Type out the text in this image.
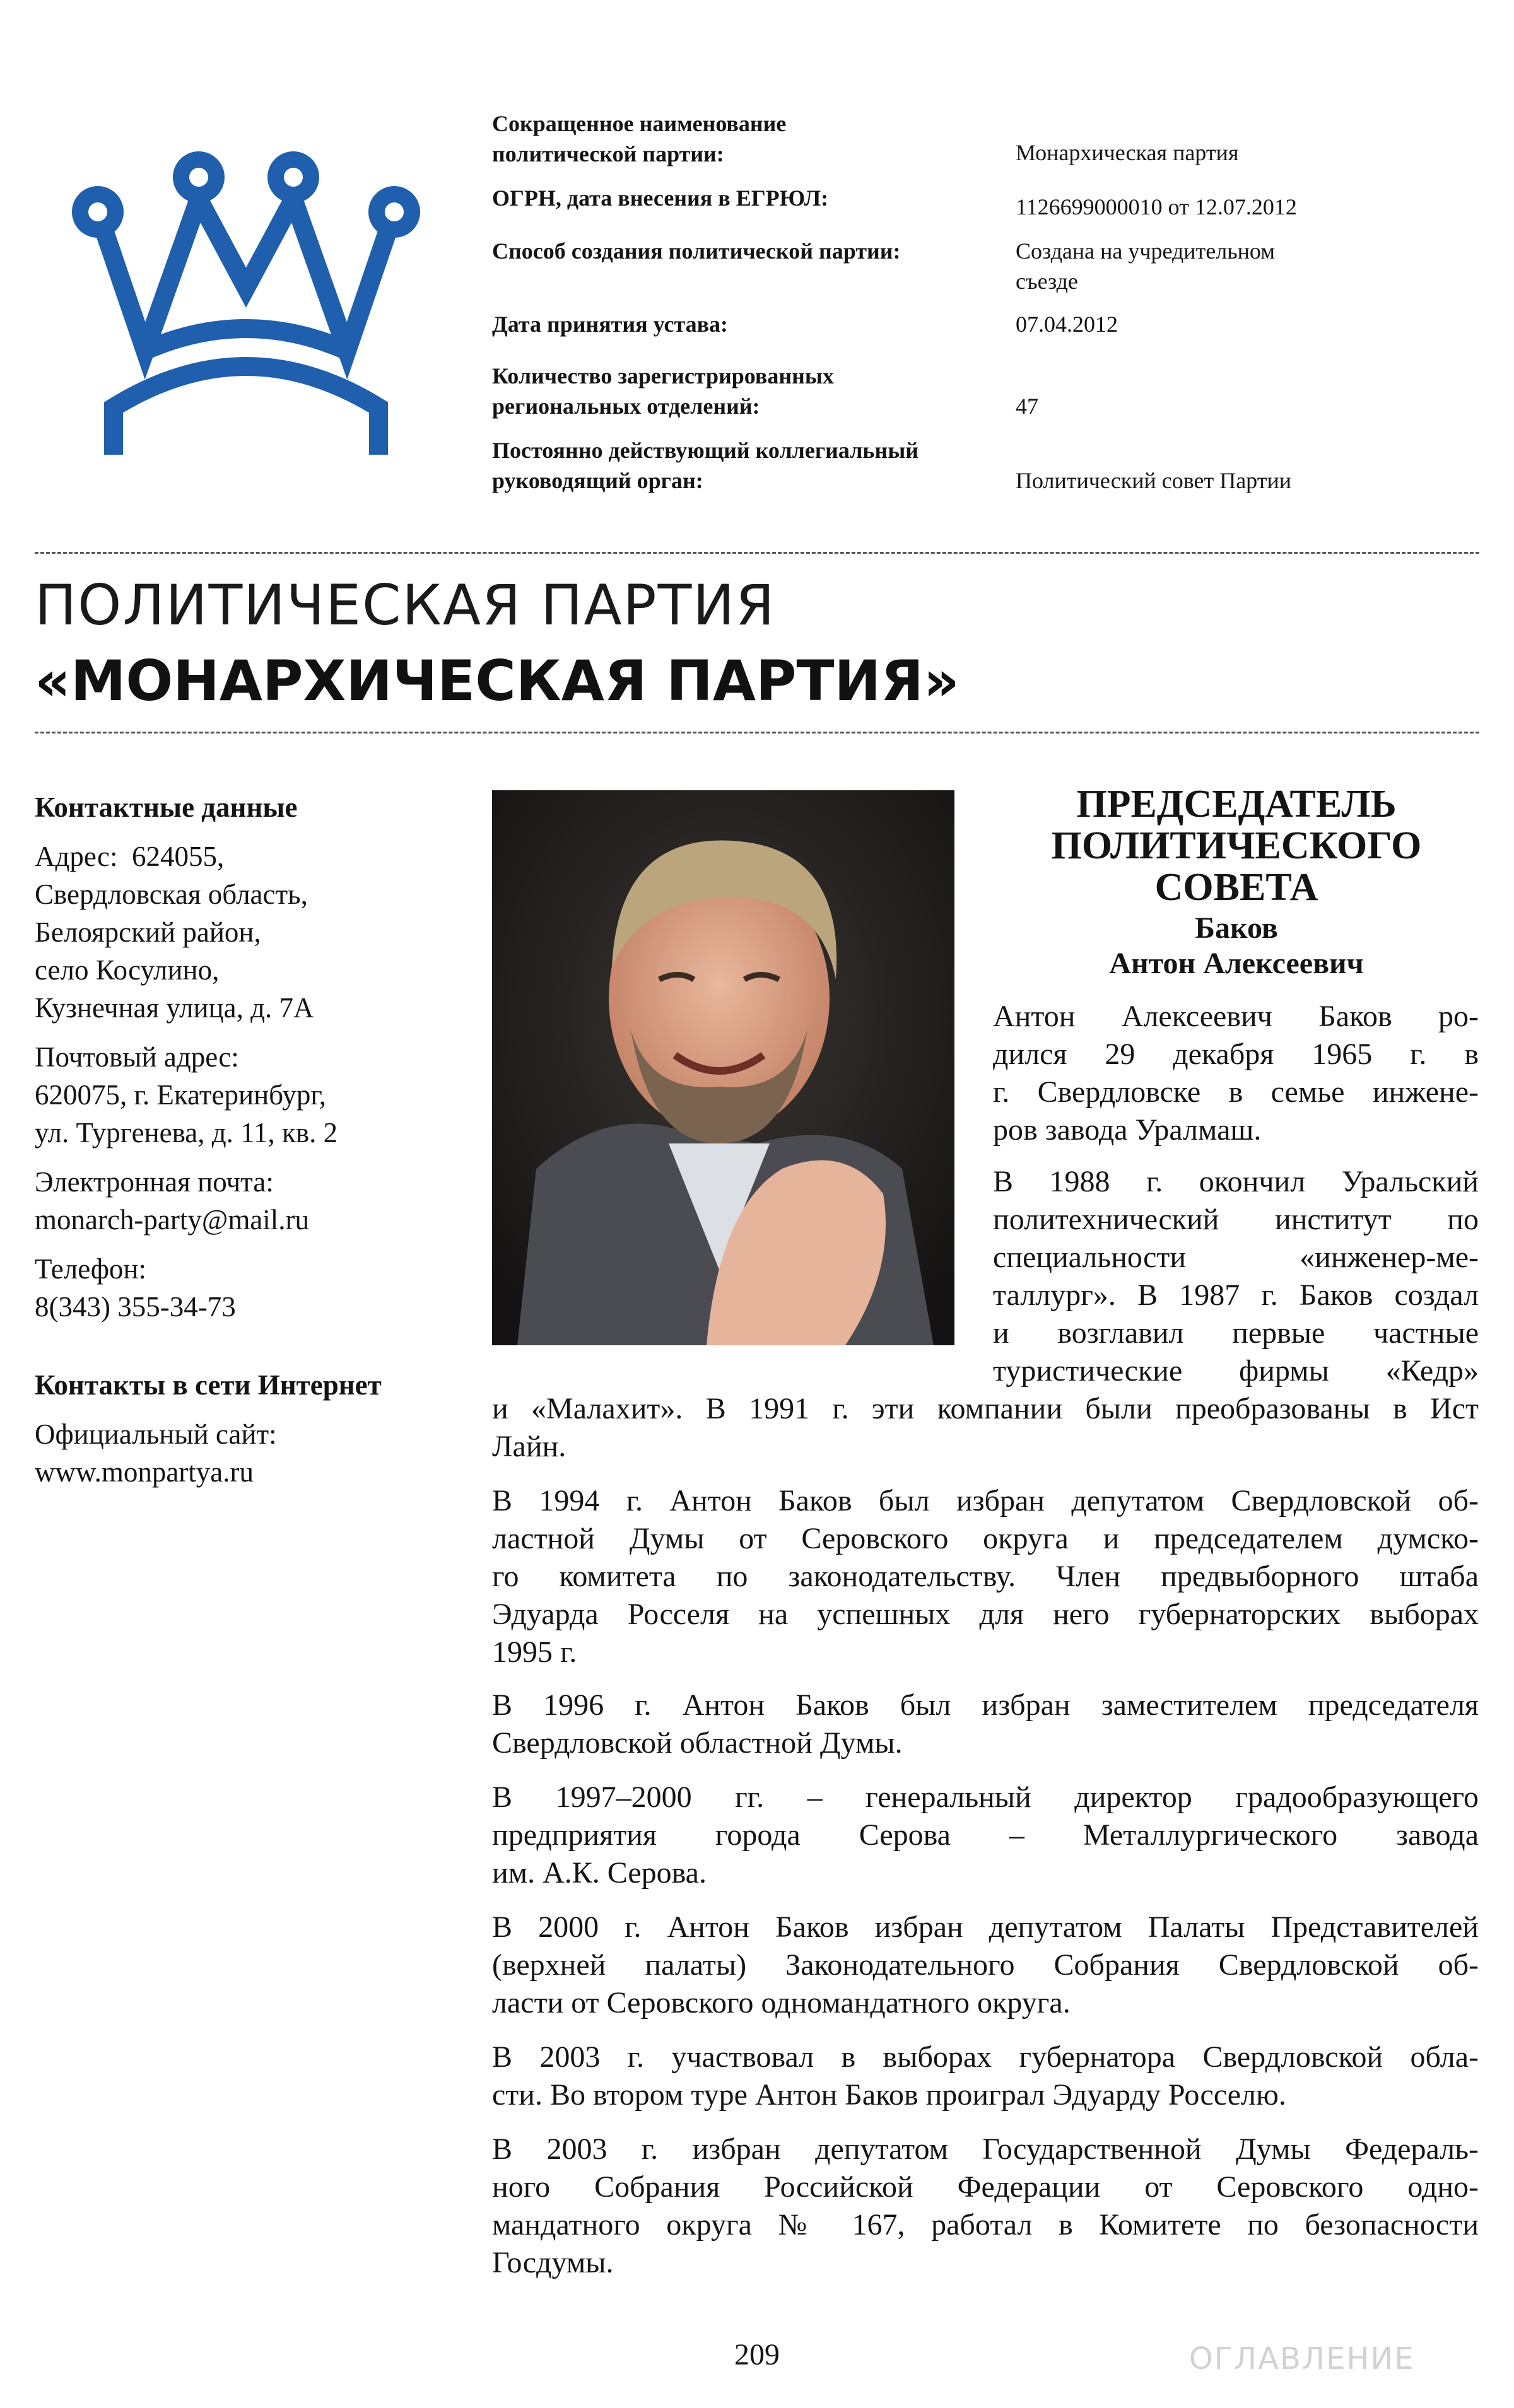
Сокращенное наименование
политической партии:	Монархическая партия
ОГРН, дата внесения в ЕГРЮЛ:	1126699000010 от 12.07.2012
Способ создания политической партии:	Создана на учредительном
съезде
Дата принятия устава:	07.04.2012
Количество зарегистрированных
региональных отделений:	47
Постоянно действующий коллегиальный
руководящий орган:	Политический совет Партии
ПОЛИТИЧЕСКАЯ ПАРТИЯ
«МОНАРХИЧЕСКАЯ ПАРТИЯ»
Контактные данные
Адрес:  624055,
Свердловская область,
Белоярский район,
село Косулино,
Кузнечная улица, д. 7А
Почтовый адрес:
620075, г. Екатеринбург,
ул. Тургенева, д. 11, кв. 2
Электронная почта:
monarch-party@mail.ru
Телефон:
8(343) 355-34-73
Контакты в сети Интернет
Официальный сайт:
www.monpartya.ru
ПРЕДСЕДАТЕЛЬ
ПОЛИТИЧЕСКОГО
СОВЕТА
Баков
Антон Алексеевич
Антон Алексеевич Баков ро-
дился 29 декабря 1965 г. в
г. Свердловске в семье инжене-
ров завода Уралмаш.
В 1988 г. окончил Уральский
политехнический институт по
специальности «инженер-ме-
таллург». В 1987 г. Баков создал
и возглавил первые частные
туристические фирмы «Кедр»
и «Малахит». В 1991 г. эти компании были преобразованы в Ист
Лайн.
В 1994 г. Антон Баков был избран депутатом Свердловской об-
ластной Думы от Серовского округа и председателем думско-
го комитета по законодательству. Член предвыборного штаба
Эдуарда Росселя на успешных для него губернаторских выборах
1995 г.
В 1996 г. Антон Баков был избран заместителем председателя
Свердловской областной Думы.
В 1997–2000 гг. – генеральный директор градообразующего
предприятия города Серова – Металлургического завода
им. А.К. Серова.
В 2000 г. Антон Баков избран депутатом Палаты Представителей
(верхней палаты) Законодательного Собрания Свердловской об-
ласти от Серовского одномандатного округа.
В 2003 г. участвовал в выборах губернатора Свердловской обла-
сти. Во втором туре Антон Баков проиграл Эдуарду Росселю.
В 2003 г. избран депутатом Государственной Думы Федераль-
ного Собрания Российской Федерации от Серовского одно-
мандатного округа № 167, работал в Комитете по безопасности
Госдумы.
209	ОГЛАВЛЕНИЕ
